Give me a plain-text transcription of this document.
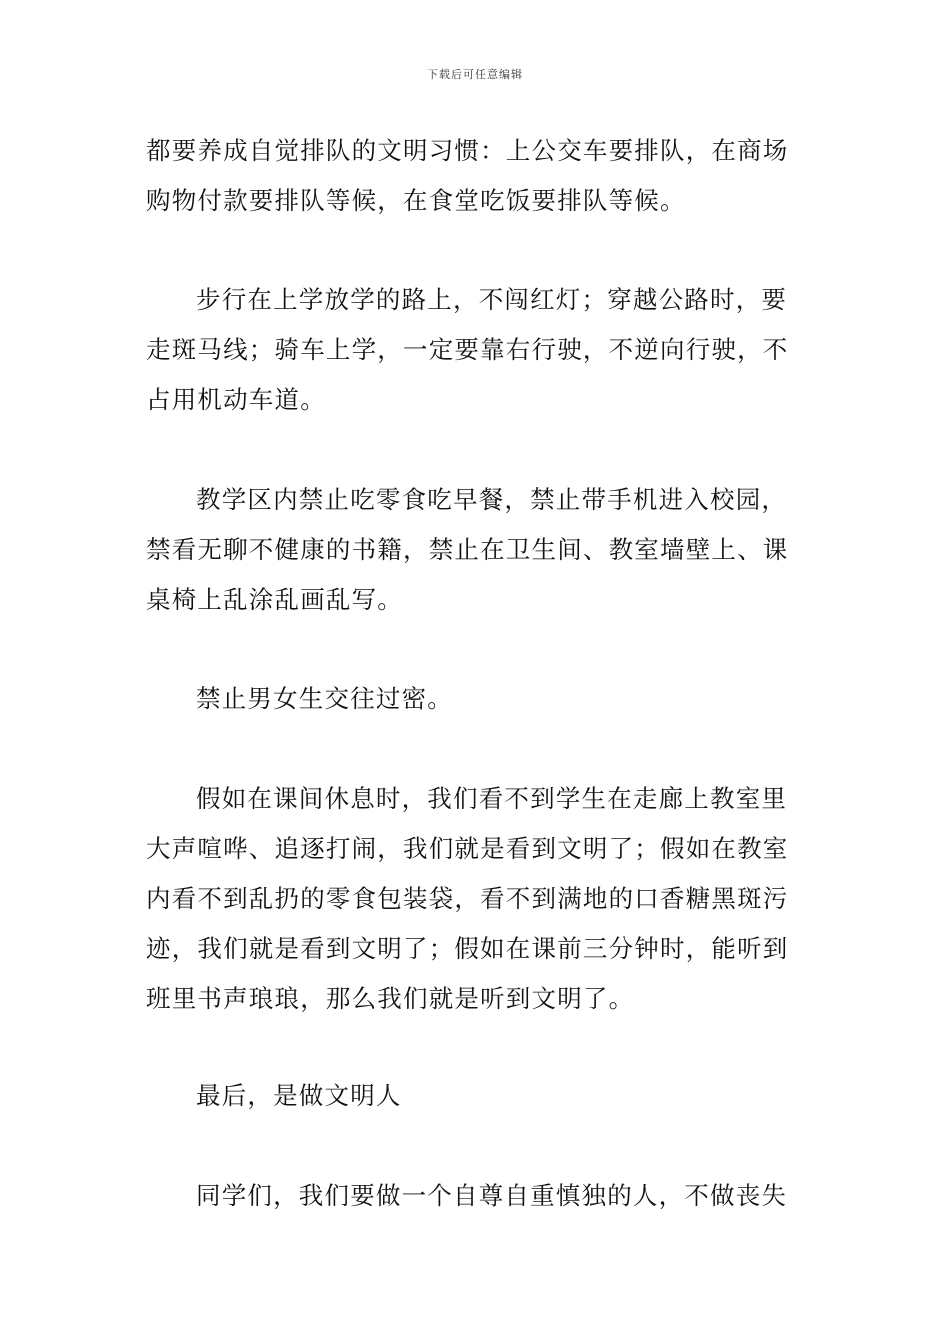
下载后可任意编辑

都要养成自觉排队的文明习惯：上公交车要排队，在商场购物付款要排队等候，在食堂吃饭要排队等候。

步行在上学放学的路上，不闯红灯；穿越公路时，要走斑马线；骑车上学，一定要靠右行驶，不逆向行驶，不占用机动车道。

教学区内禁止吃零食吃早餐，禁止带手机进入校园，禁看无聊不健康的书籍，禁止在卫生间、教室墙壁上、课桌椅上乱涂乱画乱写。

禁止男女生交往过密。

假如在课间休息时，我们看不到学生在走廊上教室里大声喧哗、追逐打闹，我们就是看到文明了；假如在教室内看不到乱扔的零食包装袋，看不到满地的口香糖黑斑污迹，我们就是看到文明了；假如在课前三分钟时，能听到班里书声琅琅，那么我们就是听到文明了。

最后，是做文明人

同学们，我们要做一个自尊自重慎独的人，不做丧失
